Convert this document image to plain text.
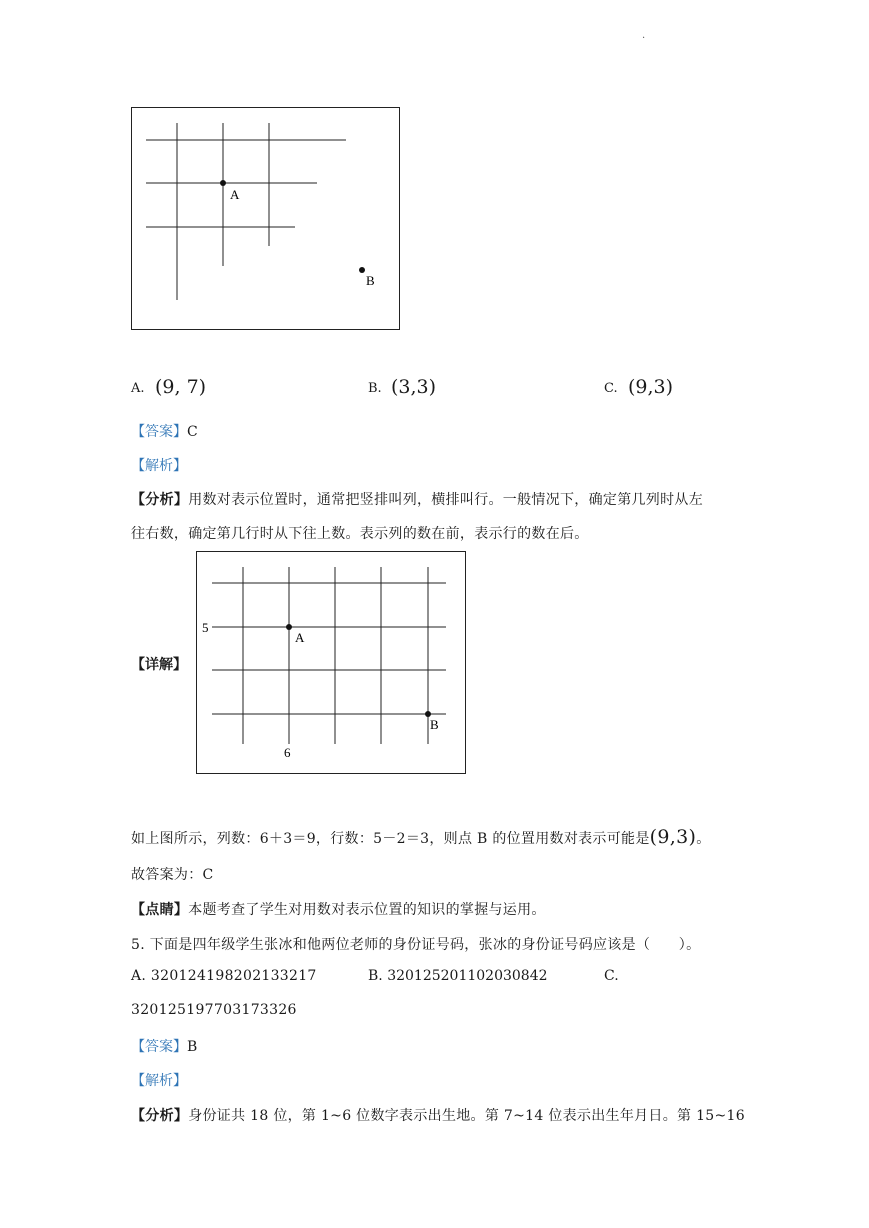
.
A
B
A. (9, 7)	B. (3,3)	C. (9,3)
【答案】C
【解析】
【分析】用数对表示位置时，通常把竖排叫列，横排叫行。一般情况下，确定第几列时从左
往右数，确定第几行时从下往上数。表示列的数在前，表示行的数在后。
【详解】
5
6
A
B
如上图所示，列数：6＋3＝9，行数：5－2＝3，则点 B 的位置用数对表示可能是(9,3)。
故答案为：C
【点睛】本题考查了学生对用数对表示位置的知识的掌握与运用。
5. 下面是四年级学生张冰和他两位老师的身份证号码，张冰的身份证号码应该是（　　）。
A. 320124198202133217	B. 320125201102030842	C.
320125197703173326
【答案】B
【解析】
【分析】身份证共 18 位，第 1~6 位数字表示出生地。第 7~14 位表示出生年月日。第 15~16
